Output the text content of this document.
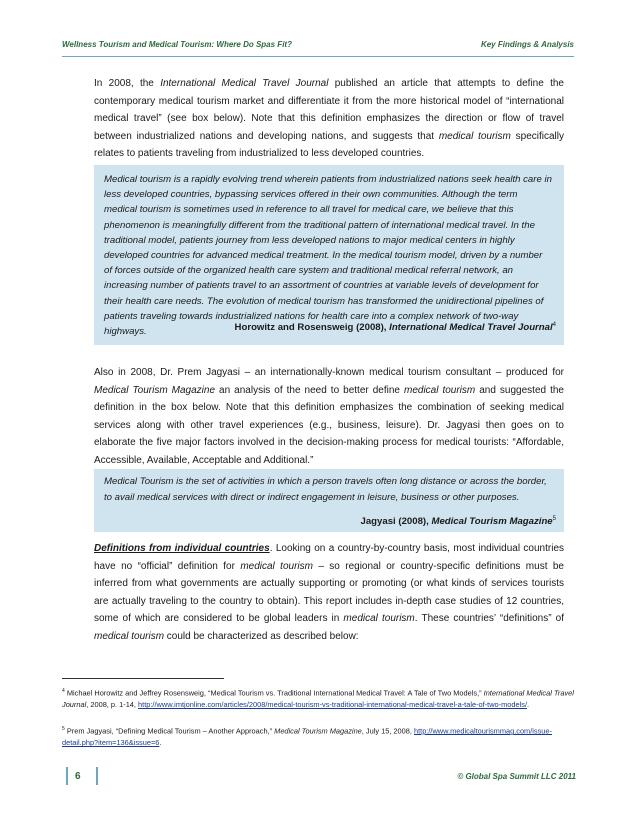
Wellness Tourism and Medical Tourism: Where Do Spas Fit?	Key Findings & Analysis

In 2008, the International Medical Travel Journal published an article that attempts to define the contemporary medical tourism market and differentiate it from the more historical model of “international medical travel” (see box below). Note that this definition emphasizes the direction or flow of travel between industrialized nations and developing nations, and suggests that medical tourism specifically relates to patients traveling from industrialized to less developed countries.

Medical tourism is a rapidly evolving trend wherein patients from industrialized nations seek health care in less developed countries, bypassing services offered in their own communities. Although the term medical tourism is sometimes used in reference to all travel for medical care, we believe that this phenomenon is meaningfully different from the traditional pattern of international medical travel. In the traditional model, patients journey from less developed nations to major medical centers in highly developed countries for advanced medical treatment. In the medical tourism model, driven by a number of forces outside of the organized health care system and traditional medical referral network, an increasing number of patients travel to an assortment of countries at variable levels of development for their health care needs. The evolution of medical tourism has transformed the unidirectional pipelines of patients traveling towards industrialized nations for health care into a complex network of two-way highways.	Horowitz and Rosensweig (2008), International Medical Travel Journal$^4$

Also in 2008, Dr. Prem Jagyasi – an internationally-known medical tourism consultant – produced for Medical Tourism Magazine an analysis of the need to better define medical tourism and suggested the definition in the box below. Note that this definition emphasizes the combination of seeking medical services along with other travel experiences (e.g., business, leisure). Dr. Jagyasi then goes on to elaborate the five major factors involved in the decision-making process for medical tourists: “Affordable, Accessible, Available, Acceptable and Additional.”

Medical Tourism is the set of activities in which a person travels often long distance or across the border, to avail medical services with direct or indirect engagement in leisure, business or other purposes.

Jagyasi (2008), Medical Tourism Magazine$^5$

Definitions from individual countries. Looking on a country-by-country basis, most individual countries have no “official” definition for medical tourism – so regional or country-specific definitions must be inferred from what governments are actually supporting or promoting (or what kinds of services tourists are actually traveling to the country to obtain). This report includes in-depth case studies of 12 countries, some of which are considered to be global leaders in medical tourism. These countries’ “definitions” of medical tourism could be characterized as described below:

$^4$ Michael Horowitz and Jeffrey Rosensweig, “Medical Tourism vs. Traditional International Medical Travel: A Tale of Two Models,” International Medical Travel Journal, 2008, p. 1-14, http://www.imtjonline.com/articles/2008/medical-tourism-vs-traditional-international-medical-travel-a-tale-of-two-models/.

$^5$ Prem Jagyasi, “Defining Medical Tourism – Another Approach,” Medical Tourism Magazine, July 15, 2008, http://www.medicaltourismmag.com/issue-detail.php?item=136&issue=6.

6	© Global Spa Summit LLC 2011
